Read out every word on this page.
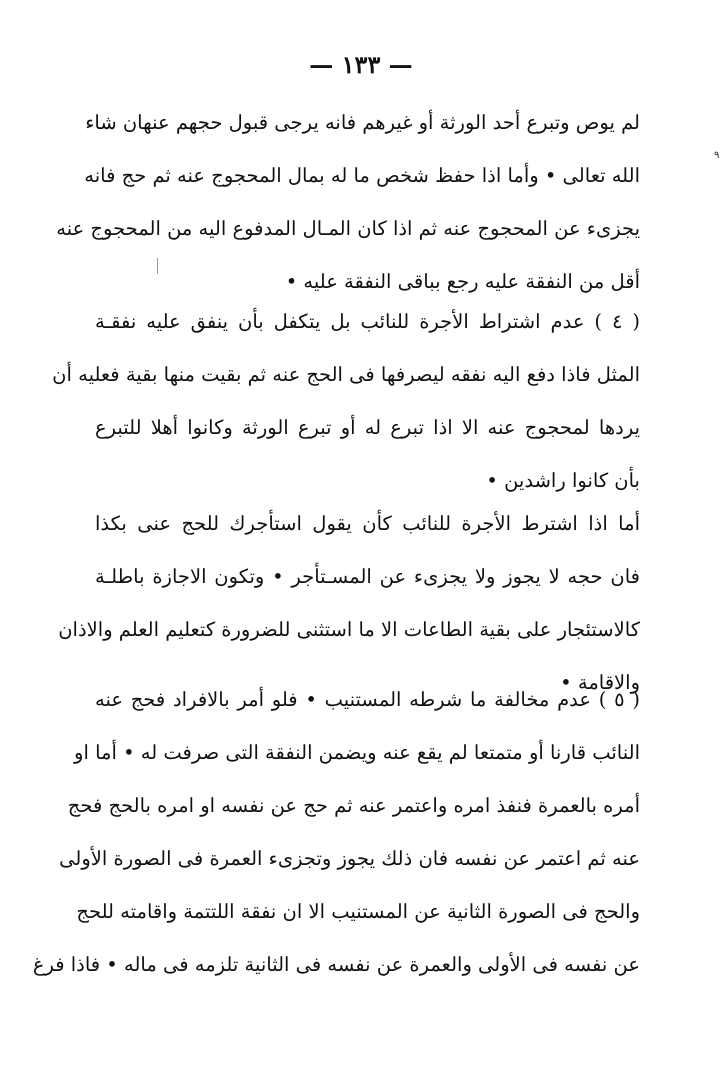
— ١٣٣ —
٩
لم يوص وتبرع أحد الورثة أو غيرهم فانه يرجى قبول حجهم عنهان شاء
الله تعالى • وأما اذا حفظ شخص ما له بمال المحجوج عنه ثم حج فانه
يجزىء عن المحجوج عنه ثم اذا كان المـال المدفوع اليه من المحجوج عنه
أقل من النفقة عليه رجع بباقى النفقة عليه •
( ٤ ) عدم اشتراط الأجرة للنائب بل يتكفل بأن ينفق عليه نفقـة
المثل فاذا دفع اليه نفقه ليصرفها فى الحج عنه ثم بقيت منها بقية فعليه أن
يردها لمحجوج عنه الا اذا تبرع له أو تبرع الورثة وكانوا أهلا للتبرع
بأن كانوا راشدين •
أما اذا اشترط الأجرة للنائب كأن يقول استأجرك للحج عنى بكذا
فان حجه لا يجوز ولا يجزىء عن المسـتأجر • وتكون الاجازة باطلـة
كالاستئجار على بقية الطاعات الا ما استثنى للضرورة كتعليم العلم والاذان
والاقامة •
( ٥ ) عدم مخالفة ما شرطه المستنيب • فلو أمر بالافراد فحج عنه
النائب قارنا أو متمتعا لم يقع عنه ويضمن النفقة التى صرفت له • أما او
أمره بالعمرة فنفذ امره واعتمر عنه ثم حج عن نفسه او امره بالحج فحج
عنه ثم اعتمر عن نفسه فان ذلك يجوز وتجزىء العمرة فى الصورة الأولى
والحج فى الصورة الثانية عن المستنيب الا ان نفقة اللتتمة واقامته للحج
عن نفسه فى الأولى والعمرة عن نفسه فى الثانية تلزمه فى ماله • فاذا فرغ
